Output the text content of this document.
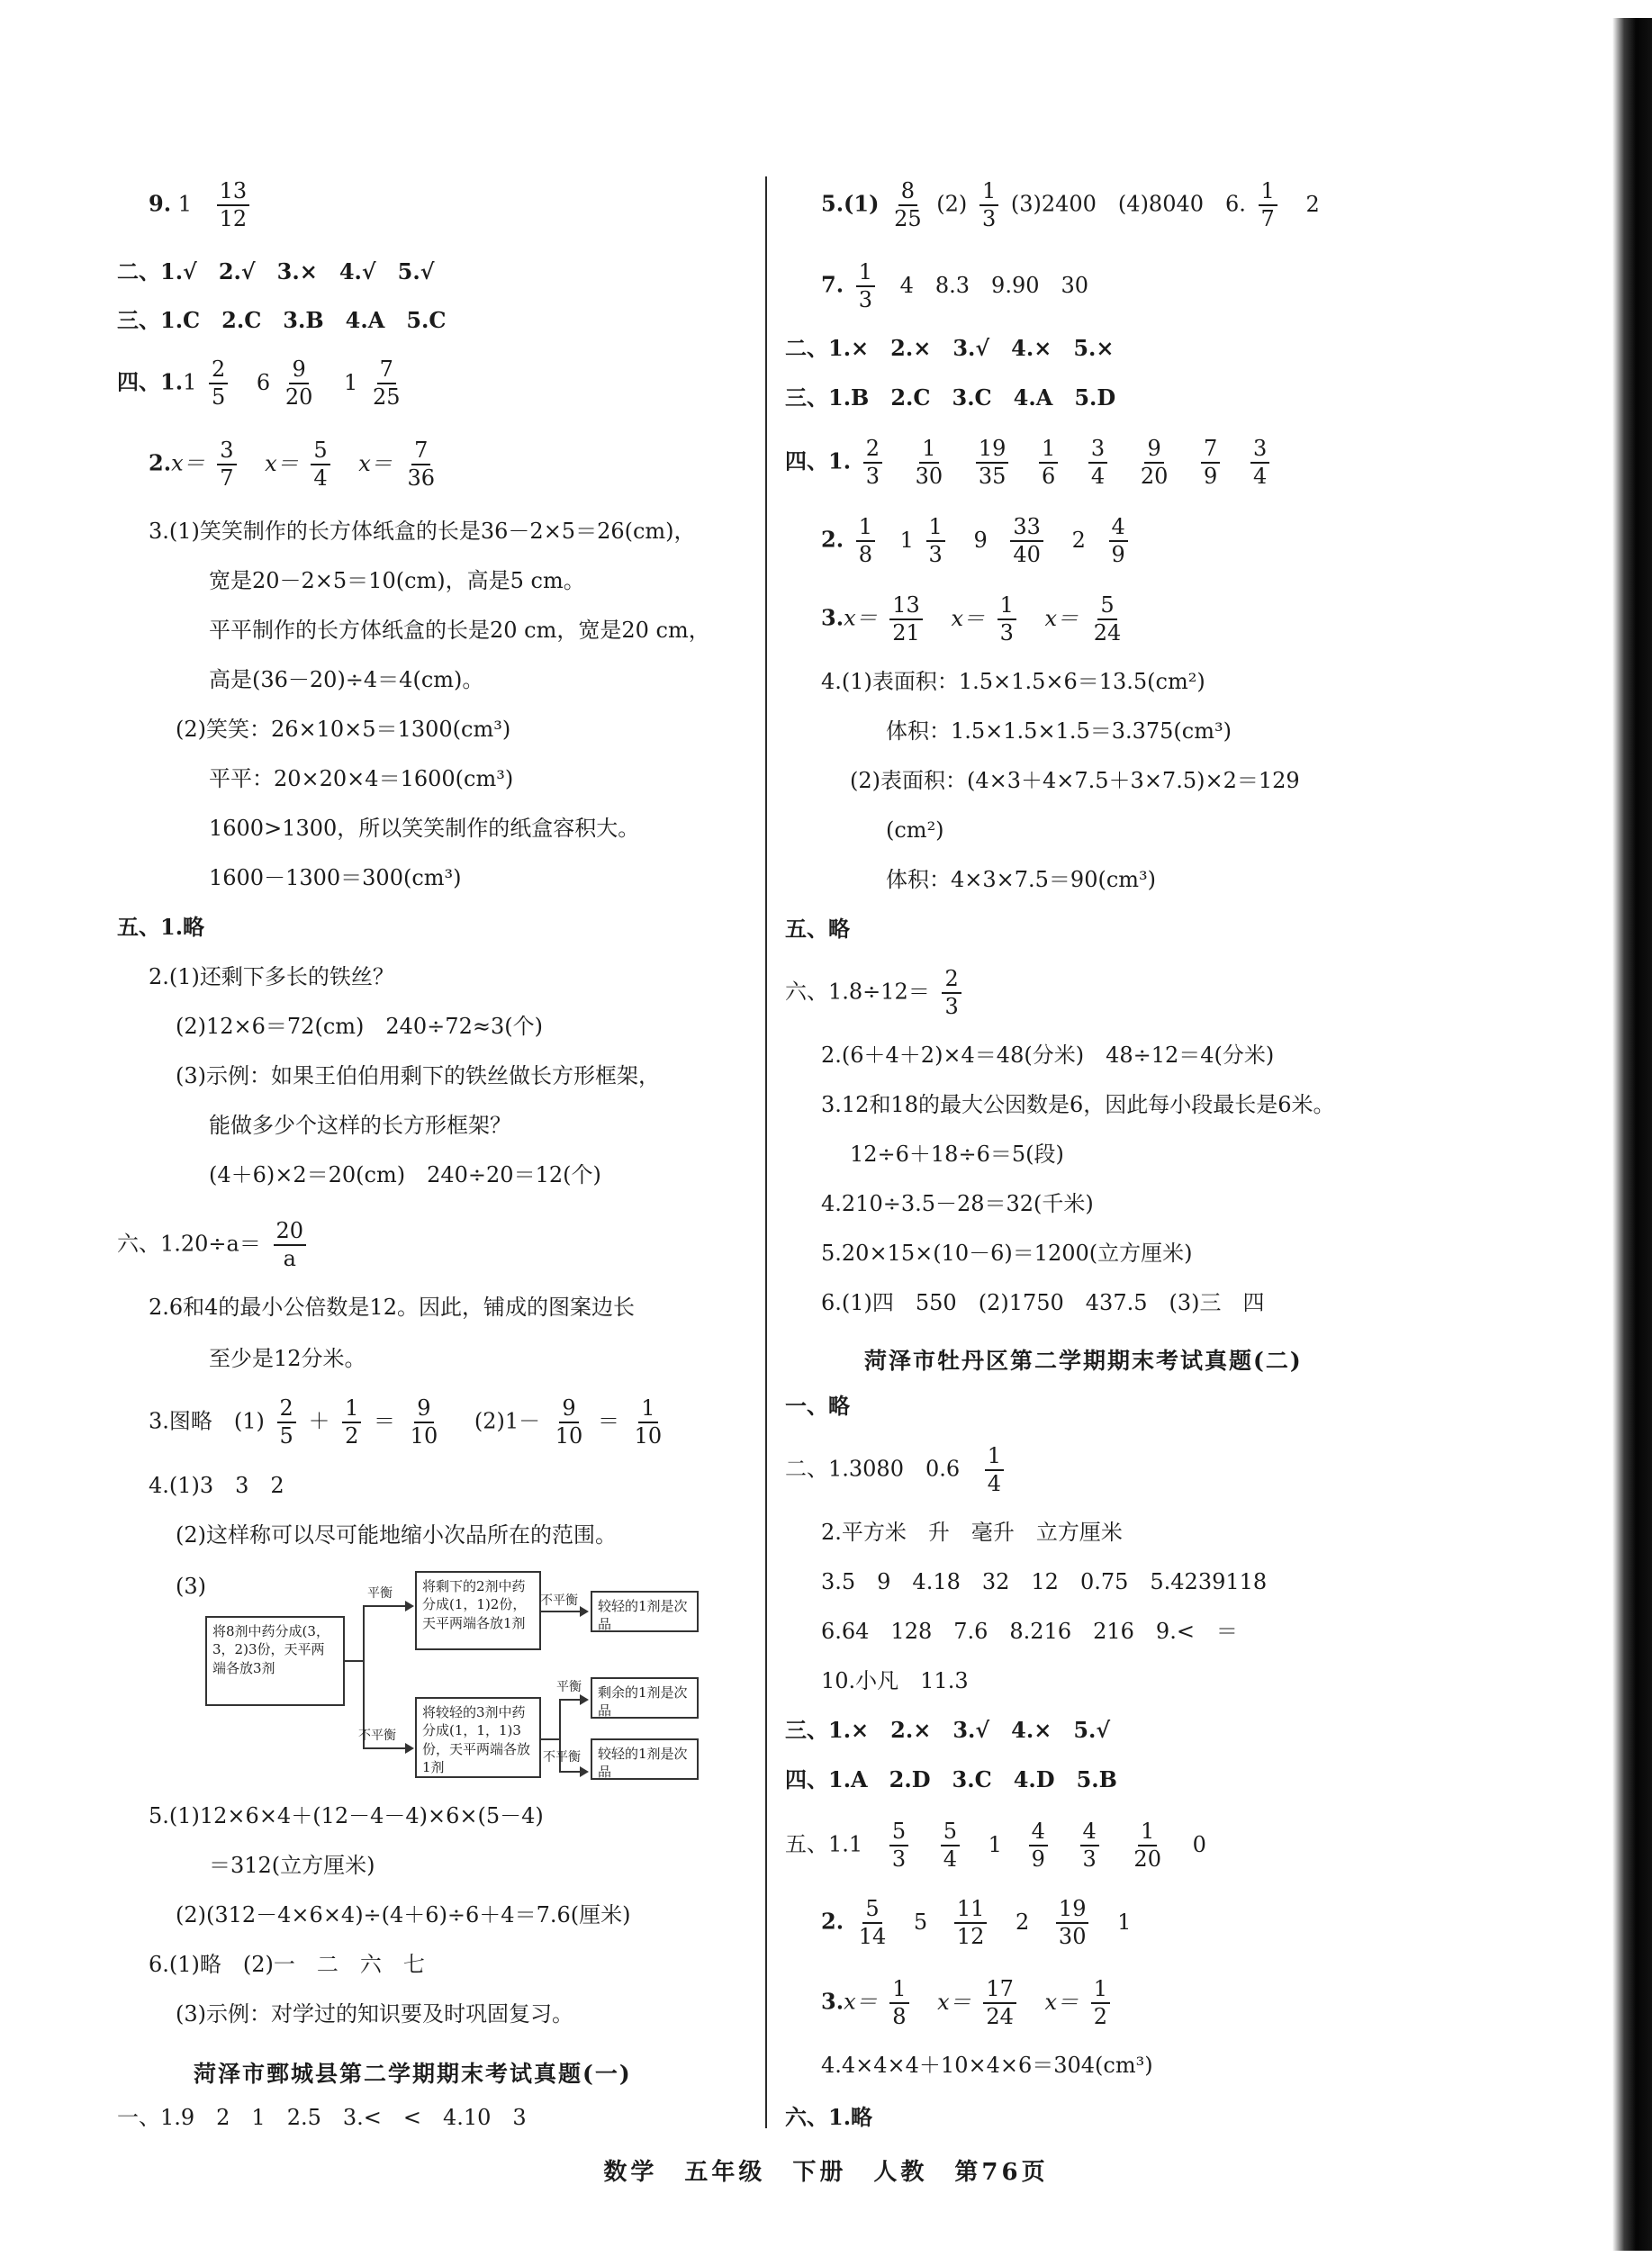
9. $1 \frac{13}{12}$
二、1.√　2.√　3.×　4.√　5.√
三、1.C　2.C　3.B　4.A　5.C
四、$1.1 \frac{2}{5} 6 \frac{9}{20} 1 \frac{7}{25}$
$2.x= \frac{3}{7} x= \frac{5}{4} x= \frac{7}{36}$
3.(1)笑笑制作的长方体纸盒的长是36－2×5＝26(cm)，
宽是20－2×5＝10(cm)，高是5 cm。
平平制作的长方体纸盒的长是20 cm，宽是20 cm，
高是(36－20)÷4＝4(cm)。
(2)笑笑：26×10×5＝1300(cm³)
平平：20×20×4＝1600(cm³)
1600>1300，所以笑笑制作的纸盒容积大。
1600－1300＝300(cm³)
五、1.略
2.(1)还剩下多长的铁丝？
(2)12×6＝72(cm)　240÷72≈3(个)
(3)示例：如果王伯伯用剩下的铁丝做长方形框架，
能做多少个这样的长方形框架？
(4＋6)×2＝20(cm)　240÷20＝12(个)
六、$1.20\div a= \frac{20}{a}$
2.6和4的最小公倍数是12。因此，铺成的图案边长
至少是12分米。
3.图略　$(1) \frac{2}{5} + \frac{1}{2} = \frac{9}{10}$ 　$(2)1- \frac{9}{10} = \frac{1}{10}$
4.(1)3　3　2
(2)这样称可以尽可能地缩小次品所在的范围。
(3)
将8剂中药分成(3，3，2)3份，天平两端各放3剂
平衡
不平衡
将剩下的2剂中药分成(1，1)2份，天平两端各放1剂
将较轻的3剂中药分成(1，1，1)3份，天平两端各放1剂
不平衡	较轻的1剂是次品
平衡	剩余的1剂是次品
不平衡	较轻的1剂是次品
5.(1)12×6×4＋(12－4－4)×6×(5－4)
＝312(立方厘米)
(2)(312－4×6×4)÷(4＋6)÷6＋4＝7.6(厘米)
6.(1)略　(2)一　二　六　七
(3)示例：对学过的知识要及时巩固复习。
菏泽市鄄城县第二学期期末考试真题(一)
一、1.9　2　1　2.5　3.<　<　4.10　3
$5.(1) \frac{8}{25} (2) \frac{1}{3} (3)2400$　(4)8040　6. $\frac{1}{7} 2$
7. $\frac{1}{3} 4$　8.3　9.90　30
二、1.×　2.×　3.√　4.×　5.×
三、1.B　2.C　3.C　4.A　5.D
四、1. $\frac{2}{3}$
$\frac{1}{30}$
$\frac{19}{35}$
$\frac{1}{6}$
$\frac{3}{4}$
$\frac{9}{20}$
$\frac{7}{9}$
$\frac{3}{4}$
2. $\frac{1}{8} 1 \frac{1}{3} 9 \frac{33}{40} 2 \frac{4}{9}$
$3.x= \frac{13}{21} x= \frac{1}{3} x= \frac{5}{24}$
4.(1)表面积：1.5×1.5×6＝13.5(cm²)
体积：1.5×1.5×1.5＝3.375(cm³)
(2)表面积：(4×3＋4×7.5＋3×7.5)×2＝129
(cm²)
体积：4×3×7.5＝90(cm³)
五、略
六、$1.8\div 12= \frac{2}{3}$
2.(6＋4＋2)×4＝48(分米)　48÷12＝4(分米)
3.12和18的最大公因数是6，因此每小段最长是6米。
12÷6＋18÷6＝5(段)
4.210÷3.5－28＝32(千米)
5.20×15×(10－6)＝1200(立方厘米)
6.(1)四　550　(2)1750　437.5　(3)三　四
菏泽市牡丹区第二学期期末考试真题(二)
一、略
二、1.3080　$0.6 \frac{1}{4}$
2.平方米　升　毫升　立方厘米
3.5　9　4.18　32　12　0.75　5.4239118
6.64　128　7.6　8.216　216　9.<　＝
10.小凡　11.3
三、1.×　2.×　3.√　4.×　5.√
四、1.A　2.D　3.C　4.D　5.B
五、$1.1 \frac{5}{3}$
$\frac{5}{4} 1 \frac{4}{9}$
$\frac{4}{3}$
$\frac{1}{20} 0$
2. $\frac{5}{14} 5 \frac{11}{12} 2 \frac{19}{30} 1$
$3.x= \frac{1}{8} x= \frac{17}{24} x= \frac{1}{2}$
4.4×4×4＋10×4×6＝304(cm³)
六、1.略
数学　五年级　下册　人教　第76页
